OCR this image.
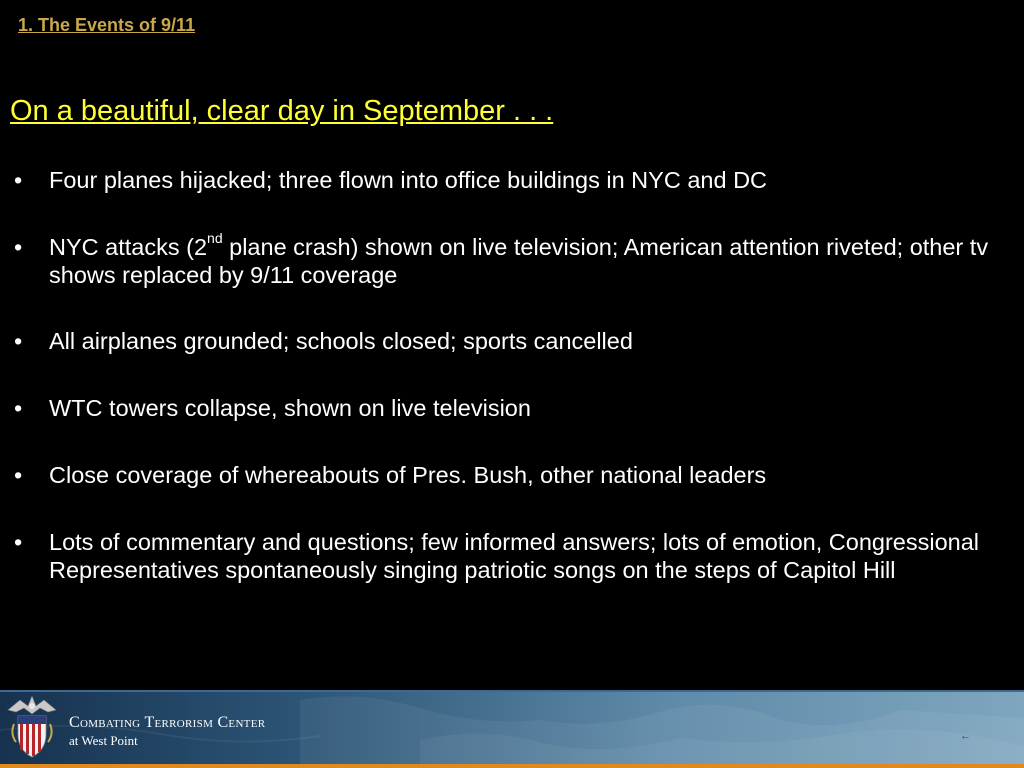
1. The Events of 9/11
On a beautiful, clear day in September . . .
•	Four planes hijacked; three flown into office buildings in NYC and DC
•	NYC attacks (2nd plane crash) shown on live television; American attention riveted; other tv shows replaced by 9/11 coverage
•	All airplanes grounded; schools closed; sports cancelled
•	WTC towers collapse, shown on live television
•	Close coverage of whereabouts of Pres. Bush, other national leaders
•	Lots of commentary and questions; few informed answers; lots of emotion, Congressional Representatives spontaneously singing patriotic songs on the steps of Capitol Hill
Combating Terrorism Center
at West Point	←
